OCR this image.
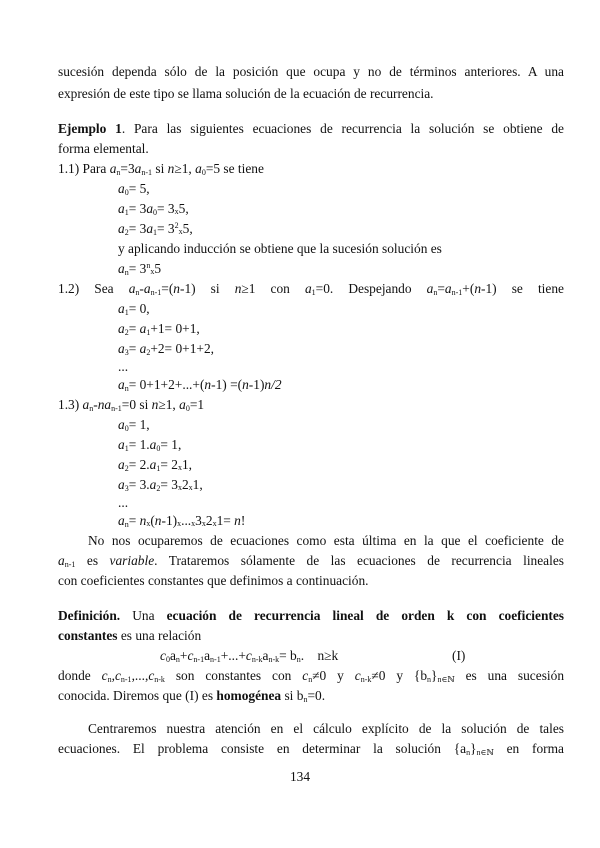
sucesión dependa sólo de la posición que ocupa y no de términos anteriores. A una
expresión de este tipo se llama solución de la ecuación de recurrencia.
Ejemplo 1. Para las siguientes ecuaciones de recurrencia la solución se obtiene de
forma elemental.
1.1) Para $a_n=3a_{n-1}$ si n≥1, $a_0=5$ se tiene
$a_0= 5$,
$a_1= 3a_0= 3x5$,
$a_2= 3a_1= 3^2x5$,
y aplicando inducción se obtiene que la sucesión solución es
$a_n= 3^nx5$
1.2) Sea $a_n-a_{n-1}=(n-1)$ si n≥1 con $a_1=0$. Despejando $a_n=a_{n-1}+(n-1)$ se tiene
$a_1= 0$,
$a_2= a_1+1= 0+1$,
$a_3= a_2+2= 0+1+2$,
...
$a_n= 0+1+2+...+(n-1) =(n-1)n/2$
1.3) $a_n-na_{n-1}=0$ si n≥1, $a_0=1$
$a_0= 1$,
$a_1= 1.a_0= 1$,
$a_2= 2.a_1= 2x1$,
$a_3= 3.a_2= 3x2x1$,
...
$a_n= nx(n-1)x...x3x2x1= n$!
No nos ocuparemos de ecuaciones como esta última en la que el coeficiente de
$a_{n-1}$ es variable. Trataremos sólamente de las ecuaciones de recurrencia lineales
con coeficientes constantes que definimos a continuación.
Definición. Una ecuación de recurrencia lineal de orden k con coeficientes
constantes es una relación
$c_0a_n+c_{n-1}a_{n-1}+...+c_{n-k}a_{n-k}= b_n$.    n≥k	(I)
donde $c_n,c_{n-1},...,c_{n-k}$ son constantes con $c_n\ne 0$ y $c_{n-k}\ne 0$ y $\{b_n\}_{n\in ℕ}$ es una sucesión
conocida. Diremos que (I) es homogénea si $b_n=0$.
Centraremos nuestra atención en el cálculo explícito de la solución de tales
ecuaciones. El problema consiste en determinar la solución $\{a_n\}_{n\in ℕ}$ en forma
134
